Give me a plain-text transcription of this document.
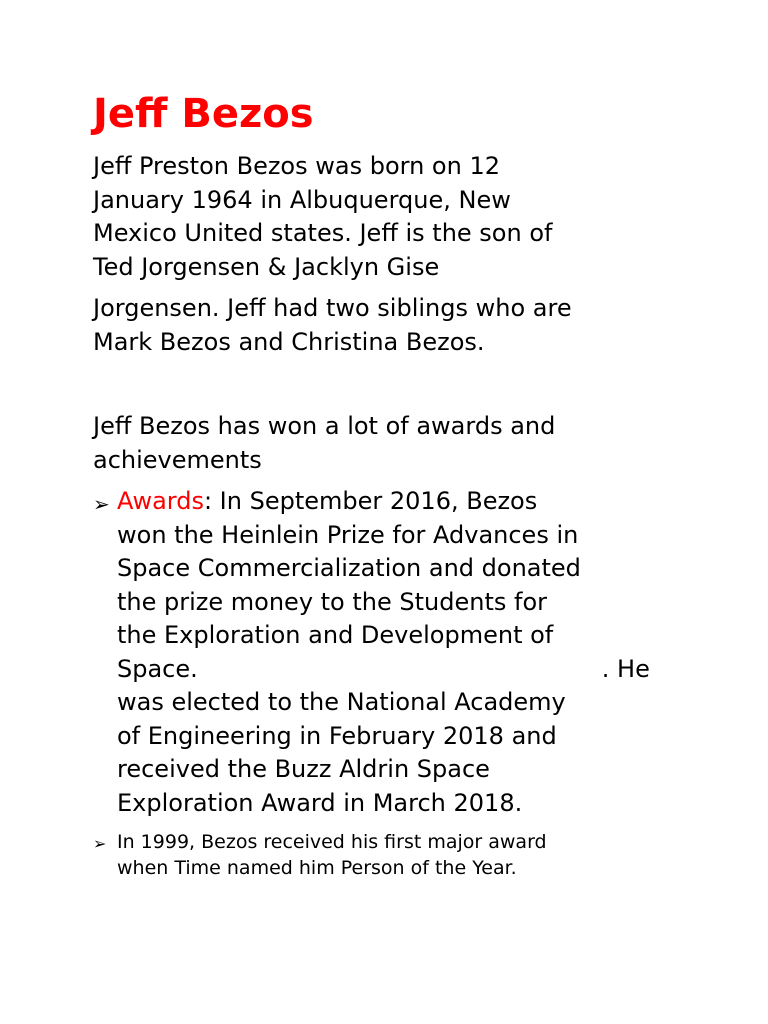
Jeff Bezos

Jeff Preston Bezos was born on 12
January 1964 in Albuquerque, New
Mexico United states. Jeff is the son of
Ted Jorgensen & Jacklyn Gise

Jorgensen. Jeff had two siblings who are
Mark Bezos and Christina Bezos.

Jeff Bezos has won a lot of awards and
achievements

➢ Awards: In September 2016, Bezos
won the Heinlein Prize for Advances in
Space Commercialization and donated
the prize money to the Students for
the Exploration and Development of
Space.	. He
was elected to the National Academy
of Engineering in February 2018 and
received the Buzz Aldrin Space
Exploration Award in March 2018.
➢ In 1999, Bezos received his first major award
when Time named him Person of the Year.
